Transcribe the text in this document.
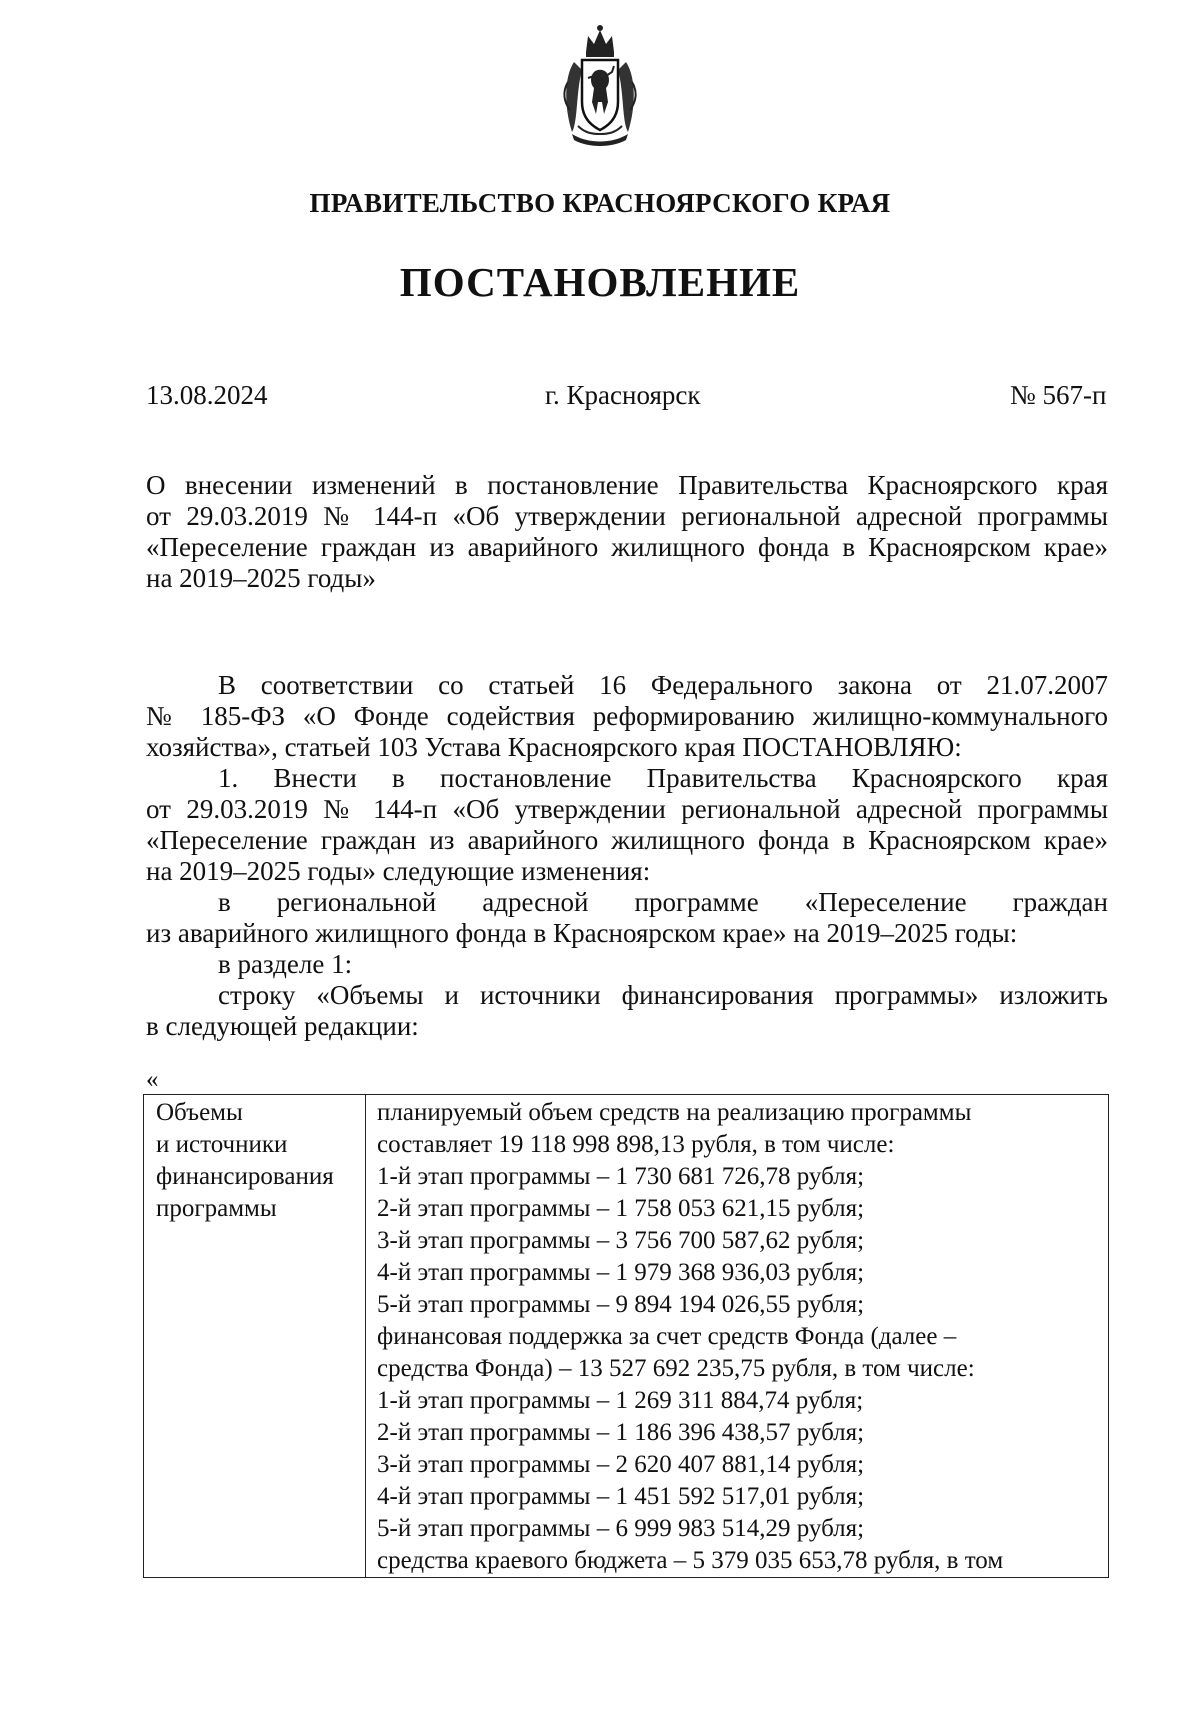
ПРАВИТЕЛЬСТВО КРАСНОЯРСКОГО КРАЯ
ПОСТАНОВЛЕНИЕ
13.08.2024	г. Красноярск	№ 567-п
О внесении изменений в постановление Правительства Красноярского края
от 29.03.2019 № 144-п «Об утверждении региональной адресной программы
«Переселение граждан из аварийного жилищного фонда в Красноярском крае»
на 2019–2025 годы»
В соответствии со статьей 16 Федерального закона от 21.07.2007
№ 185-ФЗ «О Фонде содействия реформированию жилищно-коммунального
хозяйства», статьей 103 Устава Красноярского края ПОСТАНОВЛЯЮ:
1. Внести в постановление Правительства Красноярского края
от 29.03.2019 № 144-п «Об утверждении региональной адресной программы
«Переселение граждан из аварийного жилищного фонда в Красноярском крае»
на 2019–2025 годы» следующие изменения:
в региональной адресной программе «Переселение граждан
из аварийного жилищного фонда в Красноярском крае» на 2019–2025 годы:
в разделе 1:
строку «Объемы и источники финансирования программы» изложить
в следующей редакции:
«
Объемы
и источники
финансирования
программы
планируемый объем средств на реализацию программы
составляет 19 118 998 898,13 рубля, в том числе:
1-й этап программы – 1 730 681 726,78 рубля;
2-й этап программы – 1 758 053 621,15 рубля;
3-й этап программы – 3 756 700 587,62 рубля;
4-й этап программы – 1 979 368 936,03 рубля;
5-й этап программы – 9 894 194 026,55 рубля;
финансовая поддержка за счет средств Фонда (далее –
средства Фонда) – 13 527 692 235,75 рубля, в том числе:
1-й этап программы – 1 269 311 884,74 рубля;
2-й этап программы – 1 186 396 438,57 рубля;
3-й этап программы – 2 620 407 881,14 рубля;
4-й этап программы – 1 451 592 517,01 рубля;
5-й этап программы – 6 999 983 514,29 рубля;
средства краевого бюджета – 5 379 035 653,78 рубля, в том
